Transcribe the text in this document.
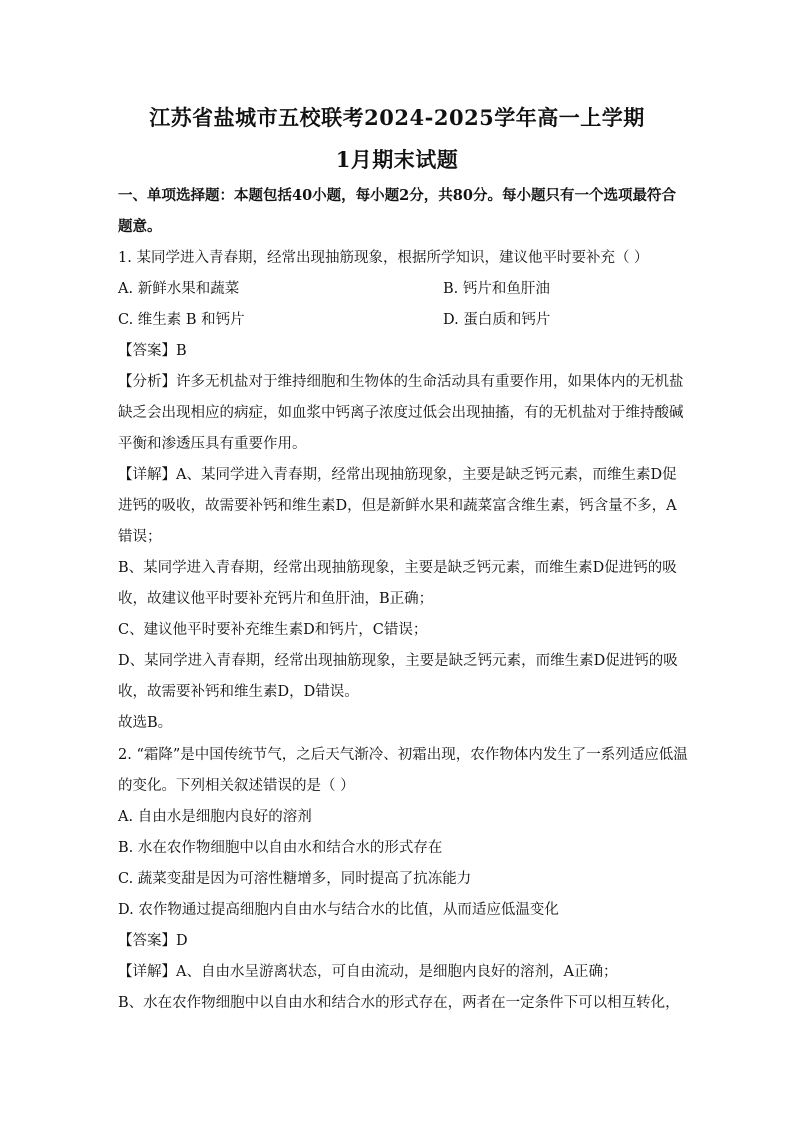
江苏省盐城市五校联考2024-2025学年高一上学期
1月期末试题
一、单项选择题：本题包括40小题，每小题2分，共80分。每小题只有一个选项最符合
题意。
1. 某同学进入青春期，经常出现抽筋现象，根据所学知识，建议他平时要补充（ ）
A. 新鲜水果和蔬菜	B. 钙片和鱼肝油
C. 维生素 B 和钙片	D. 蛋白质和钙片
【答案】B
【分析】许多无机盐对于维持细胞和生物体的生命活动具有重要作用，如果体内的无机盐
缺乏会出现相应的病症，如血浆中钙离子浓度过低会出现抽搐，有的无机盐对于维持酸碱
平衡和渗透压具有重要作用。
【详解】A、某同学进入青春期，经常出现抽筋现象，主要是缺乏钙元素，而维生素D促
进钙的吸收，故需要补钙和维生素D，但是新鲜水果和蔬菜富含维生素，钙含量不多，A
错误；
B、某同学进入青春期，经常出现抽筋现象，主要是缺乏钙元素，而维生素D促进钙的吸
收，故建议他平时要补充钙片和鱼肝油，B正确；
C、建议他平时要补充维生素D和钙片，C错误；
D、某同学进入青春期，经常出现抽筋现象，主要是缺乏钙元素，而维生素D促进钙的吸
收，故需要补钙和维生素D，D错误。
故选B。
2. “霜降”是中国传统节气，之后天气渐冷、初霜出现，农作物体内发生了一系列适应低温
的变化。下列相关叙述错误的是（ ）
A. 自由水是细胞内良好的溶剂
B. 水在农作物细胞中以自由水和结合水的形式存在
C. 蔬菜变甜是因为可溶性糖增多，同时提高了抗冻能力
D. 农作物通过提高细胞内自由水与结合水的比值，从而适应低温变化
【答案】D
【详解】A、自由水呈游离状态，可自由流动，是细胞内良好的溶剂，A正确；
B、水在农作物细胞中以自由水和结合水的形式存在，两者在一定条件下可以相互转化，
